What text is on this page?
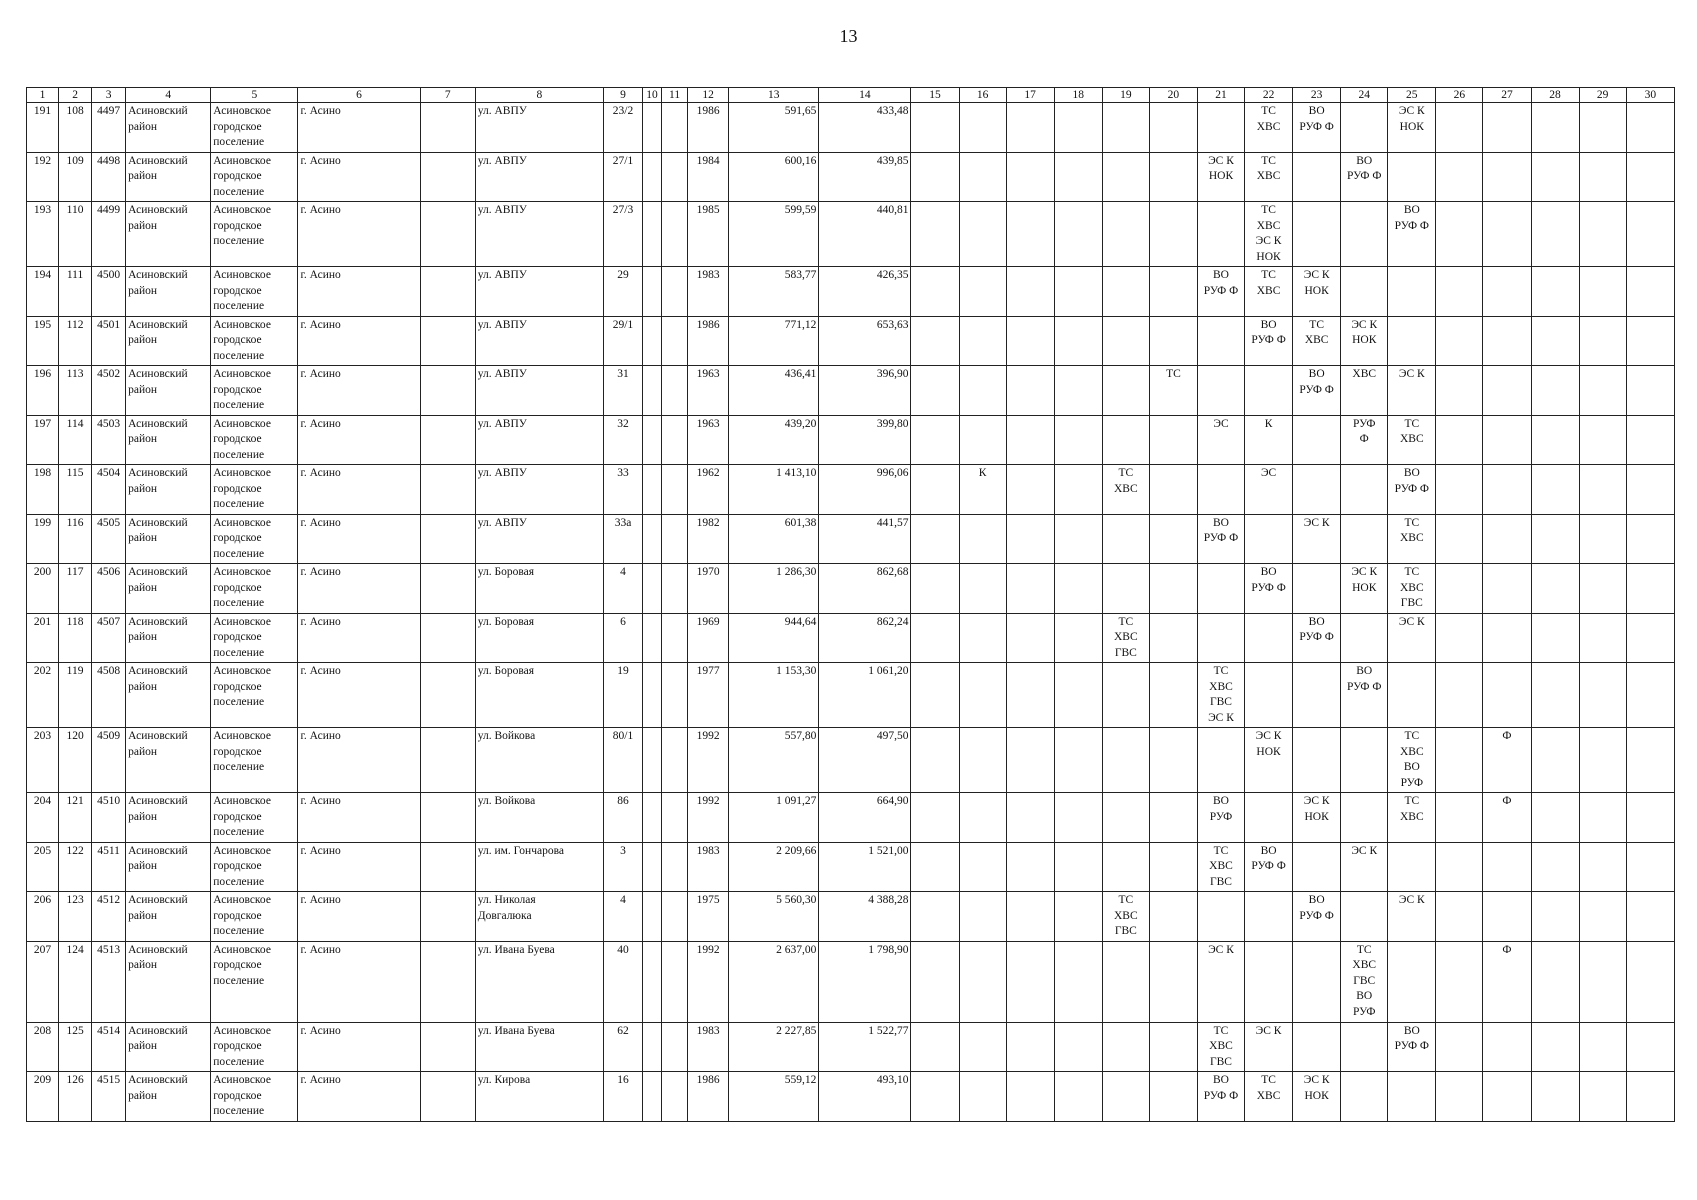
13
1	2	3	4	5	6	7	8	9	10	11	12	13	14	15	16	17	18	19	20	21	22	23	24	25	26	27	28	29	30
191	108	4497	Асиновский
район	Асиновское
городское
поселение	г. Асино		ул. АВПУ	23/2			1986	591,65	433,48								ТС
ХВС	ВО
РУФ Ф		ЭС К
НОК					
192	109	4498	Асиновский
район	Асиновское
городское
поселение	г. Асино		ул. АВПУ	27/1			1984	600,16	439,85							ЭС К
НОК	ТС
ХВС		ВО
РУФ Ф						
193	110	4499	Асиновский
район	Асиновское
городское
поселение	г. Асино		ул. АВПУ	27/3			1985	599,59	440,81								ТС
ХВС
ЭС К
НОК			ВО
РУФ Ф					
194	111	4500	Асиновский
район	Асиновское
городское
поселение	г. Асино		ул. АВПУ	29			1983	583,77	426,35							ВО
РУФ Ф	ТС
ХВС	ЭС К
НОК							
195	112	4501	Асиновский
район	Асиновское
городское
поселение	г. Асино		ул. АВПУ	29/1			1986	771,12	653,63								ВО
РУФ Ф	ТС
ХВС	ЭС К
НОК						
196	113	4502	Асиновский
район	Асиновское
городское
поселение	г. Асино		ул. АВПУ	31			1963	436,41	396,90						ТС			ВО
РУФ Ф	ХВС	ЭС К					
197	114	4503	Асиновский
район	Асиновское
городское
поселение	г. Асино		ул. АВПУ	32			1963	439,20	399,80							ЭС	К		РУФ
Ф	ТС
ХВС					
198	115	4504	Асиновский
район	Асиновское
городское
поселение	г. Асино		ул. АВПУ	33			1962	1 413,10	996,06		К			ТС
ХВС			ЭС			ВО
РУФ Ф					
199	116	4505	Асиновский
район	Асиновское
городское
поселение	г. Асино		ул. АВПУ	33а			1982	601,38	441,57							ВО
РУФ Ф		ЭС К		ТС
ХВС					
200	117	4506	Асиновский
район	Асиновское
городское
поселение	г. Асино		ул. Боровая	4			1970	1 286,30	862,68								ВО
РУФ Ф		ЭС К
НОК	ТС
ХВС
ГВС					
201	118	4507	Асиновский
район	Асиновское
городское
поселение	г. Асино		ул. Боровая	6			1969	944,64	862,24					ТС
ХВС
ГВС				ВО
РУФ Ф		ЭС К					
202	119	4508	Асиновский
район	Асиновское
городское
поселение	г. Асино		ул. Боровая	19			1977	1 153,30	1 061,20							ТС
ХВС
ГВС
ЭС К			ВО
РУФ Ф						
203	120	4509	Асиновский
район	Асиновское
городское
поселение	г. Асино		ул. Войкова	80/1			1992	557,80	497,50								ЭС К
НОК			ТС
ХВС
ВО
РУФ		Ф			
204	121	4510	Асиновский
район	Асиновское
городское
поселение	г. Асино		ул. Войкова	86			1992	1 091,27	664,90							ВО
РУФ		ЭС К
НОК		ТС
ХВС		Ф			
205	122	4511	Асиновский
район	Асиновское
городское
поселение	г. Асино		ул. им. Гончарова	3			1983	2 209,66	1 521,00							ТС
ХВС
ГВС	ВО
РУФ Ф		ЭС К						
206	123	4512	Асиновский
район	Асиновское
городское
поселение	г. Асино		ул. Николая
Довгалюка	4			1975	5 560,30	4 388,28					ТС
ХВС
ГВС				ВО
РУФ Ф		ЭС К					
207	124	4513	Асиновский
район	Асиновское
городское
поселение	г. Асино		ул. Ивана Буева	40			1992	2 637,00	1 798,90							ЭС К			ТС
ХВС
ГВС
ВО
РУФ			Ф			
208	125	4514	Асиновский
район	Асиновское
городское
поселение	г. Асино		ул. Ивана Буева	62			1983	2 227,85	1 522,77							ТС
ХВС
ГВС	ЭС К			ВО
РУФ Ф					
209	126	4515	Асиновский
район	Асиновское
городское
поселение	г. Асино		ул. Кирова	16			1986	559,12	493,10							ВО
РУФ Ф	ТС
ХВС	ЭС К
НОК							
